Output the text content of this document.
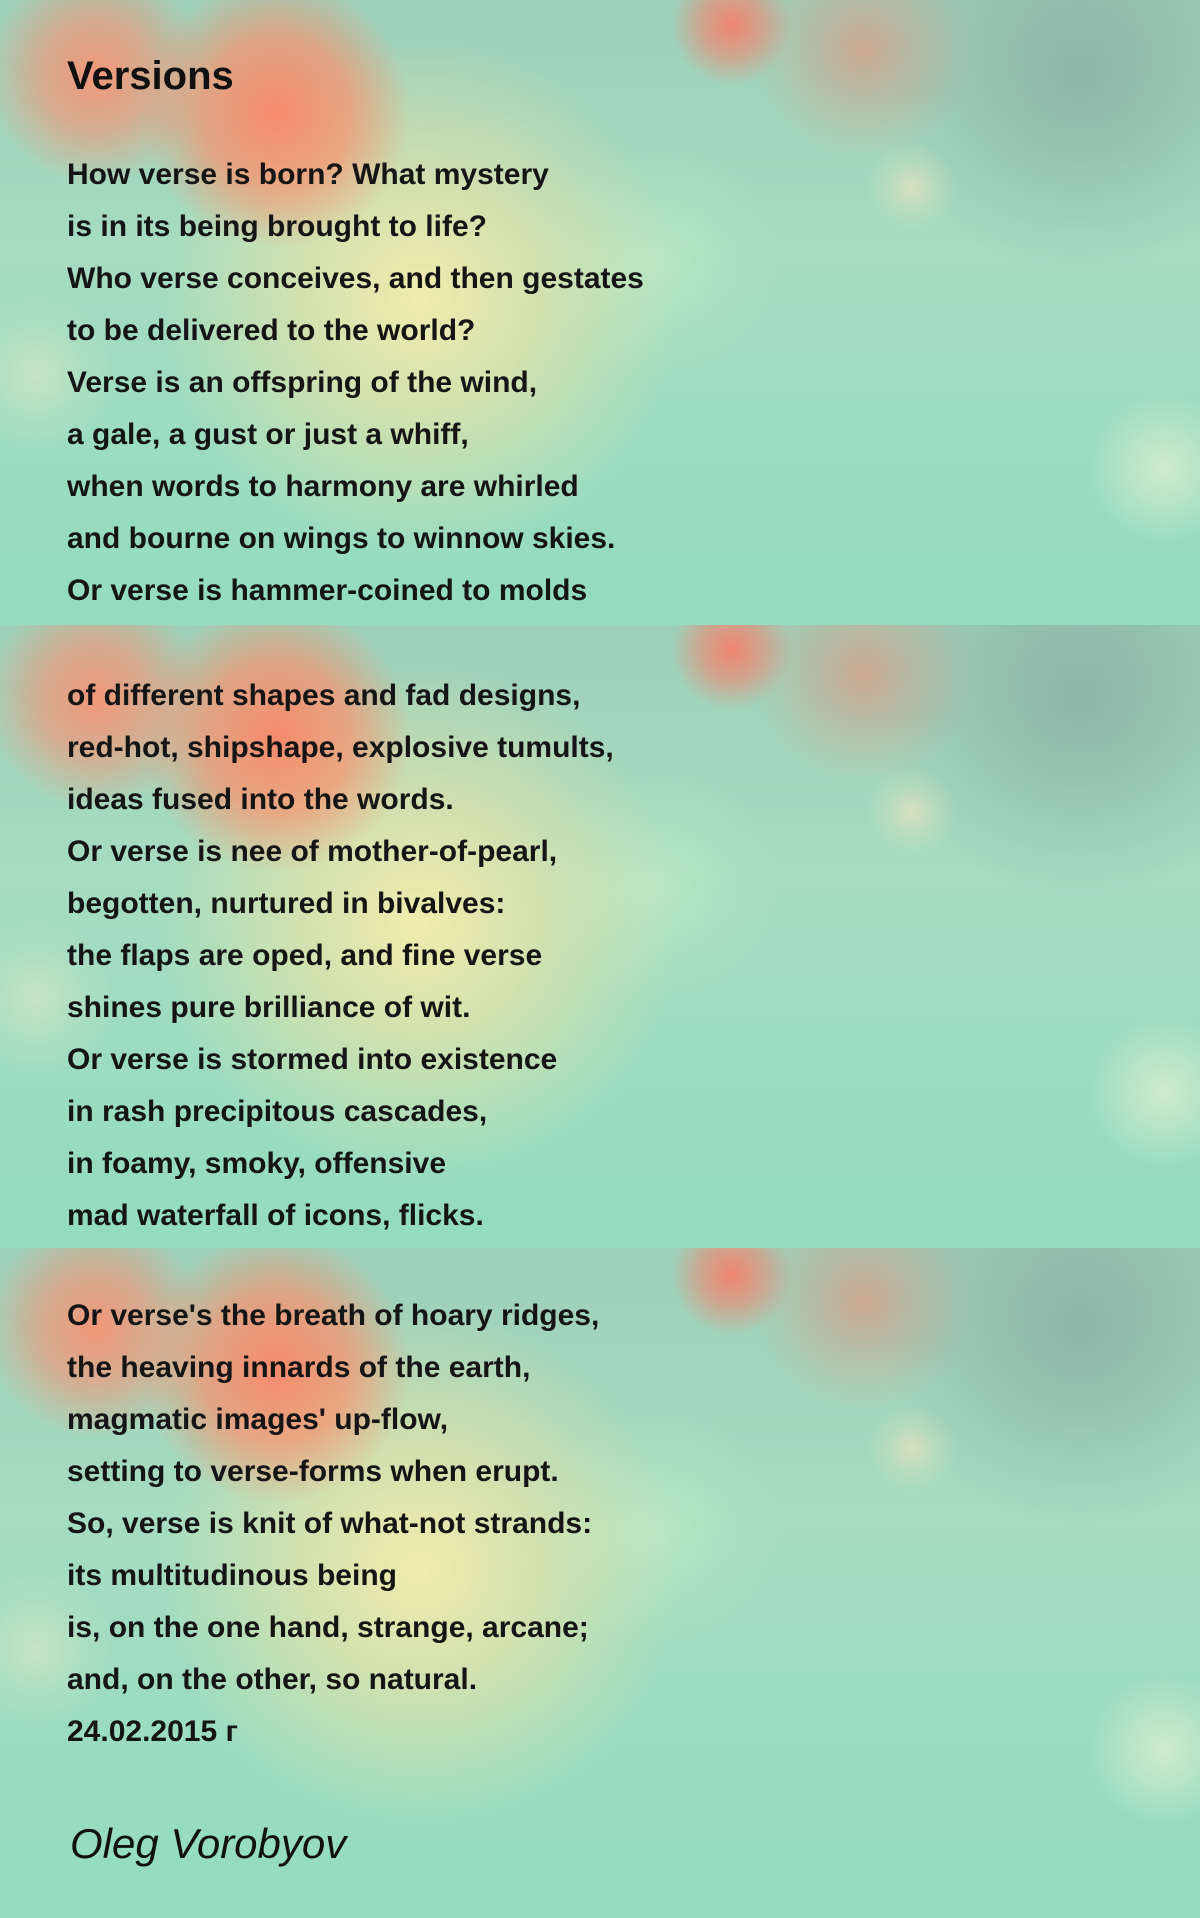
Versions
How verse is born? What mystery
is in its being brought to life?
Who verse conceives, and then gestates
to be delivered to the world?
Verse is an offspring of the wind,
a gale, a gust or just a whiff,
when words to harmony are whirled
and bourne on wings to winnow skies.
Or verse is hammer-coined to molds
of different shapes and fad designs,
red-hot, shipshape, explosive tumults,
ideas fused into the words.
Or verse is nee of mother-of-pearl,
begotten, nurtured in bivalves:
the flaps are oped, and fine verse
shines pure brilliance of wit.
Or verse is stormed into existence
in rash precipitous cascades,
in foamy, smoky, offensive
mad waterfall of icons, flicks.
Or verse's the breath of hoary ridges,
the heaving innards of the earth,
magmatic images' up-flow,
setting to verse-forms when erupt.
So, verse is knit of what-not strands:
its multitudinous being
is, on the one hand, strange, arcane;
and, on the other, so natural.
24.02.2015 г

Oleg Vorobyov
